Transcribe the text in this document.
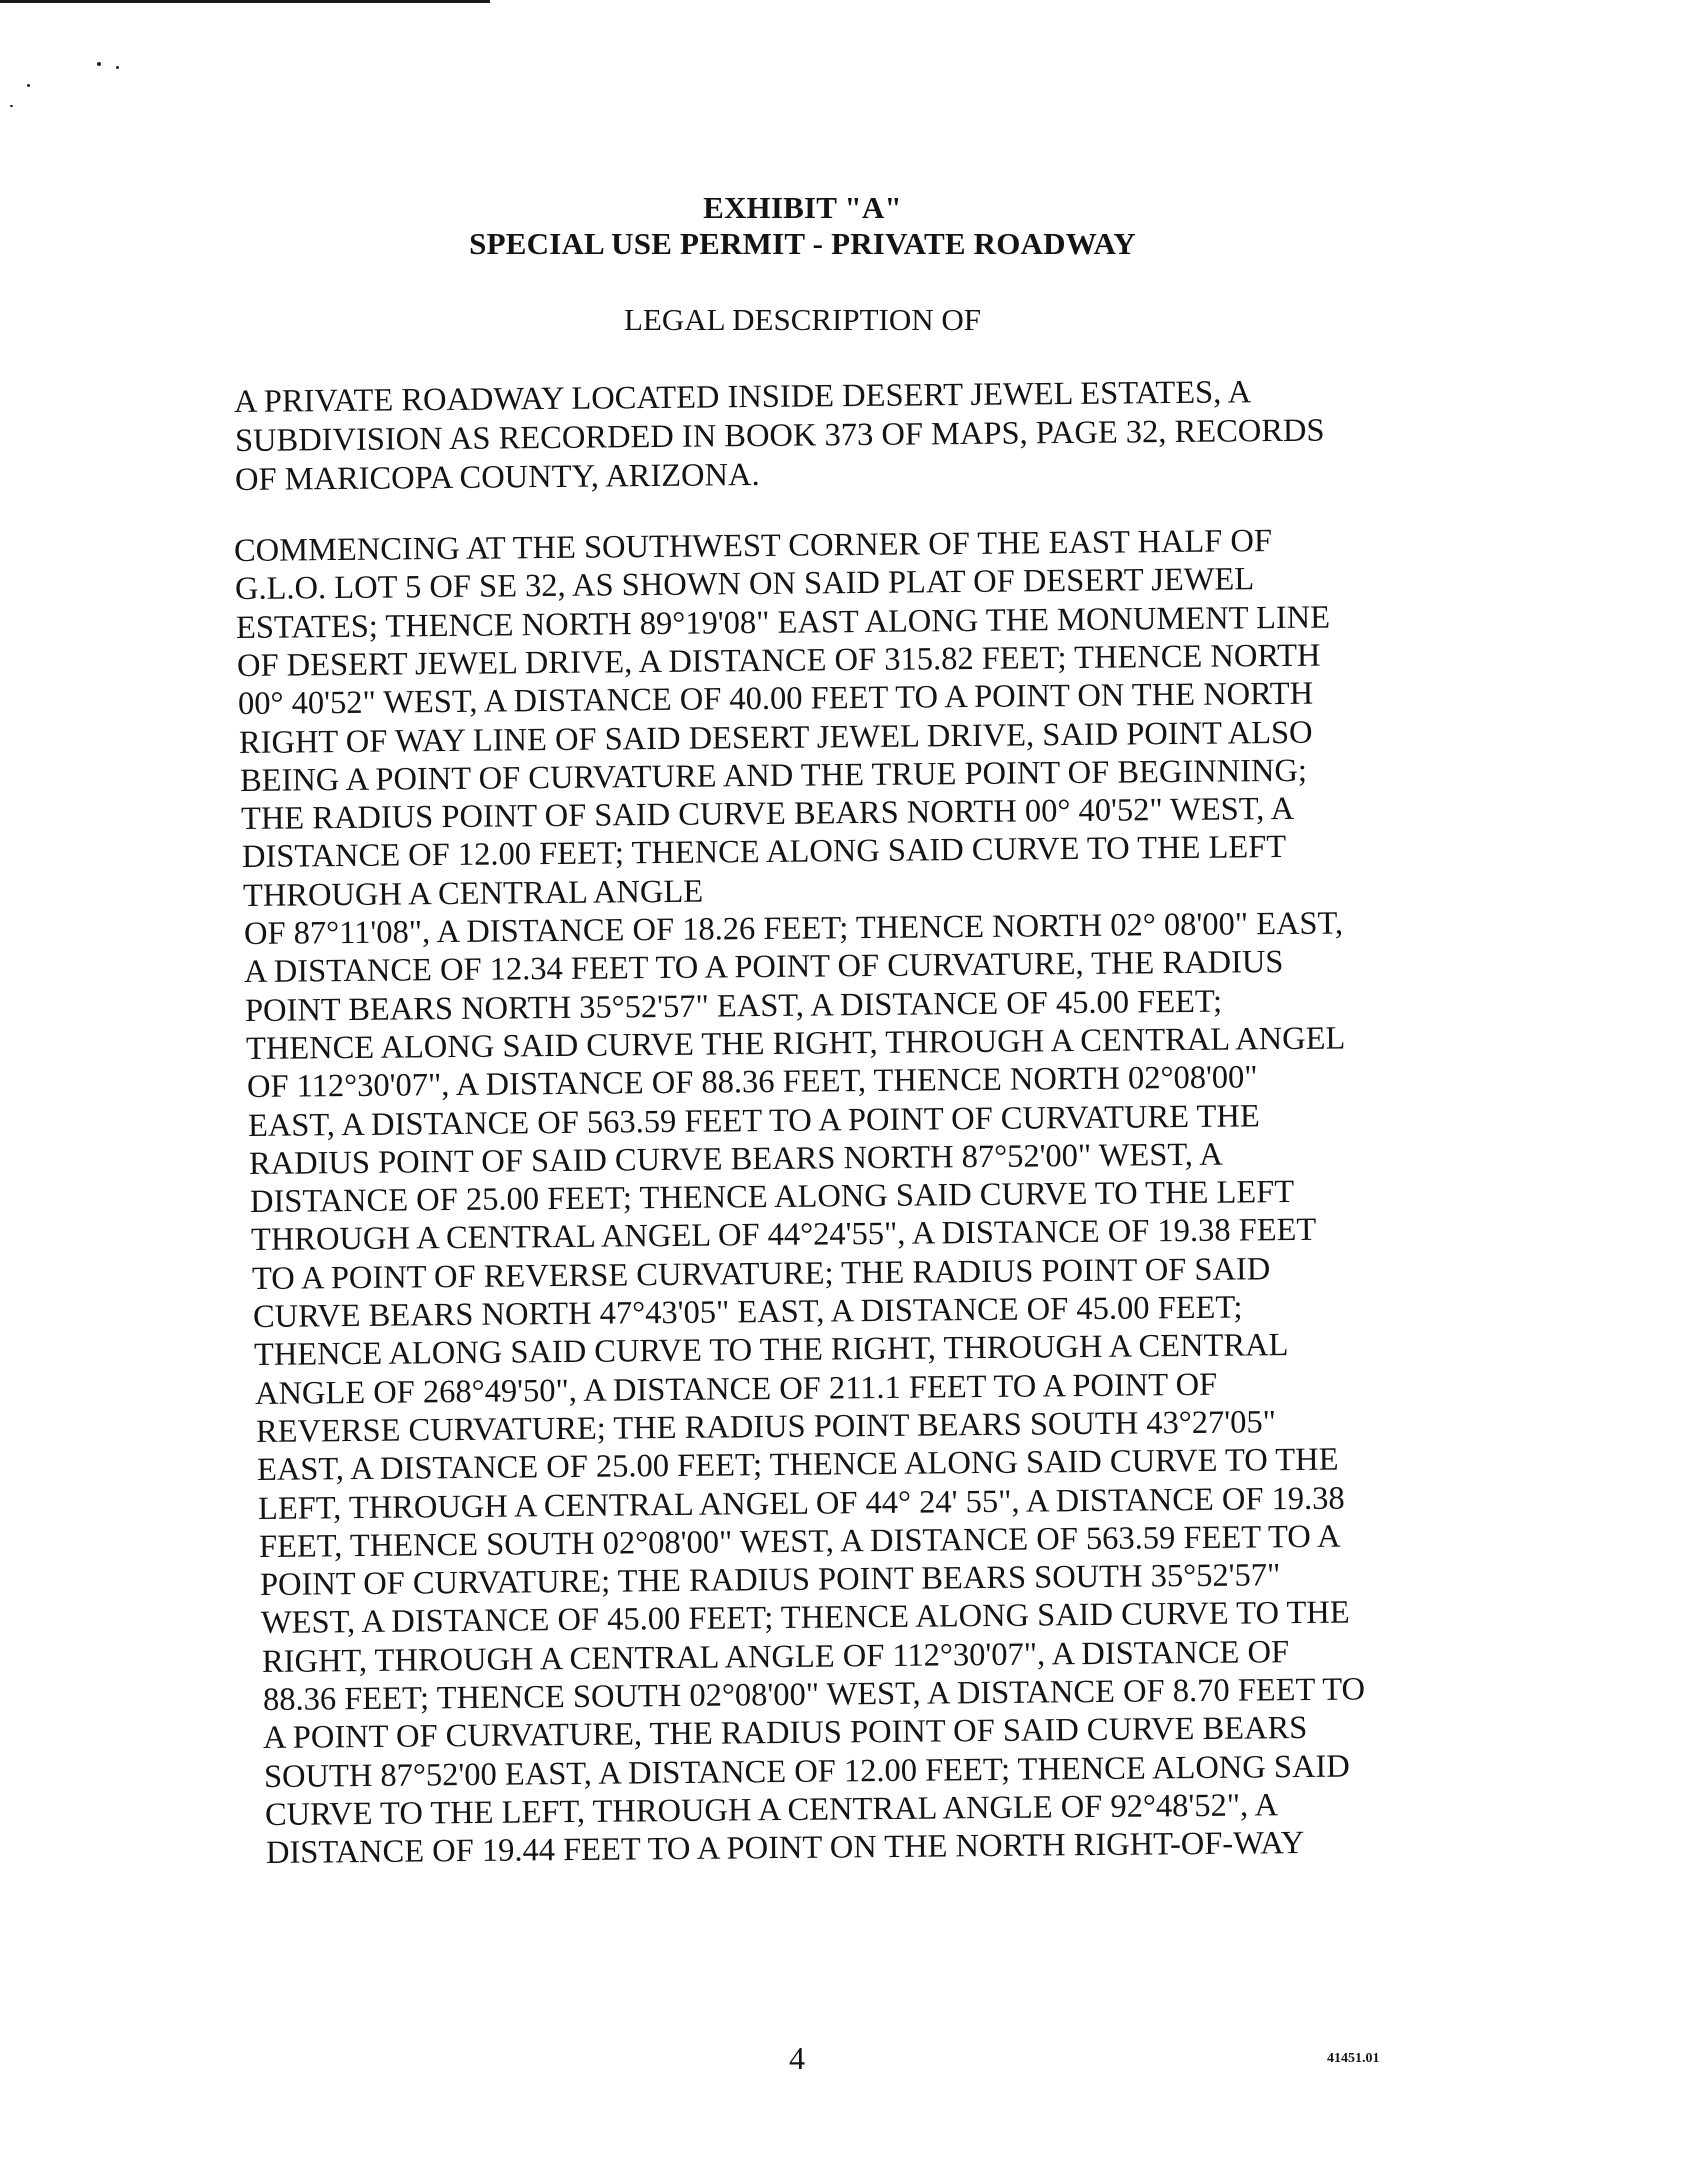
EXHIBIT "A"
SPECIAL USE PERMIT - PRIVATE ROADWAY
LEGAL DESCRIPTION OF
A PRIVATE ROADWAY LOCATED INSIDE DESERT JEWEL ESTATES, A
SUBDIVISION AS RECORDED IN BOOK 373 OF MAPS, PAGE 32, RECORDS
OF MARICOPA COUNTY, ARIZONA.
COMMENCING AT THE SOUTHWEST CORNER OF THE EAST HALF OF
G.L.O. LOT 5 OF SE 32, AS SHOWN ON SAID PLAT OF DESERT JEWEL
ESTATES; THENCE NORTH 89°19'08" EAST ALONG THE MONUMENT LINE
OF DESERT JEWEL DRIVE, A DISTANCE OF 315.82 FEET; THENCE NORTH
00° 40'52" WEST, A DISTANCE OF 40.00 FEET TO A POINT ON THE NORTH
RIGHT OF WAY LINE OF SAID DESERT JEWEL DRIVE, SAID POINT ALSO
BEING A POINT OF CURVATURE AND THE TRUE POINT OF BEGINNING;
THE RADIUS POINT OF SAID CURVE BEARS NORTH 00° 40'52" WEST, A
DISTANCE OF 12.00 FEET; THENCE ALONG SAID CURVE TO THE LEFT
THROUGH A CENTRAL ANGLE
OF 87°11'08", A DISTANCE OF 18.26 FEET; THENCE NORTH 02° 08'00" EAST,
A DISTANCE OF 12.34 FEET TO A POINT OF CURVATURE, THE RADIUS
POINT BEARS NORTH 35°52'57" EAST, A DISTANCE OF 45.00 FEET;
THENCE ALONG SAID CURVE THE RIGHT, THROUGH A CENTRAL ANGEL
OF 112°30'07", A DISTANCE OF 88.36 FEET, THENCE NORTH 02°08'00"
EAST, A DISTANCE OF 563.59 FEET TO A POINT OF CURVATURE THE
RADIUS POINT OF SAID CURVE BEARS NORTH 87°52'00" WEST, A
DISTANCE OF 25.00 FEET; THENCE ALONG SAID CURVE TO THE LEFT
THROUGH A CENTRAL ANGEL OF 44°24'55", A DISTANCE OF 19.38 FEET
TO A POINT OF REVERSE CURVATURE; THE RADIUS POINT OF SAID
CURVE BEARS NORTH 47°43'05" EAST, A DISTANCE OF 45.00 FEET;
THENCE ALONG SAID CURVE TO THE RIGHT, THROUGH A CENTRAL
ANGLE OF 268°49'50", A DISTANCE OF 211.1 FEET TO A POINT OF
REVERSE CURVATURE; THE RADIUS POINT BEARS SOUTH 43°27'05"
EAST, A DISTANCE OF 25.00 FEET; THENCE ALONG SAID CURVE TO THE
LEFT, THROUGH A CENTRAL ANGEL OF 44° 24' 55", A DISTANCE OF 19.38
FEET, THENCE SOUTH 02°08'00" WEST, A DISTANCE OF 563.59 FEET TO A
POINT OF CURVATURE; THE RADIUS POINT BEARS SOUTH 35°52'57"
WEST, A DISTANCE OF 45.00 FEET; THENCE ALONG SAID CURVE TO THE
RIGHT, THROUGH A CENTRAL ANGLE OF 112°30'07", A DISTANCE OF
88.36 FEET; THENCE SOUTH 02°08'00" WEST, A DISTANCE OF 8.70 FEET TO
A POINT OF CURVATURE, THE RADIUS POINT OF SAID CURVE BEARS
SOUTH 87°52'00 EAST, A DISTANCE OF 12.00 FEET; THENCE ALONG SAID
CURVE TO THE LEFT, THROUGH A CENTRAL ANGLE OF 92°48'52", A
DISTANCE OF 19.44 FEET TO A POINT ON THE NORTH RIGHT-OF-WAY
4	41451.01
